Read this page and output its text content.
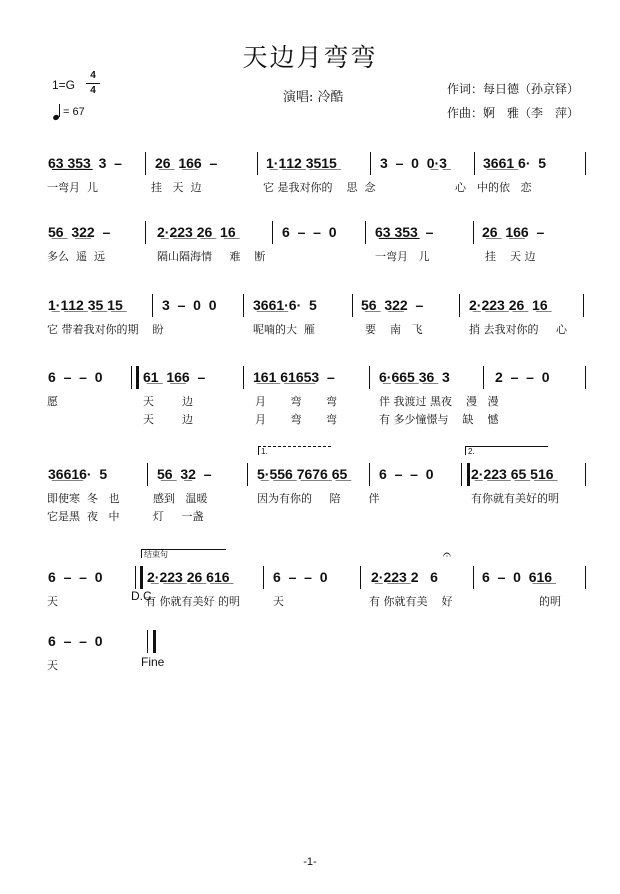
天边月弯弯
1=G
4
4
= 67
演唱: 冷酷
作词：每日德（孙京铎）
作曲：婀　雅（李　萍）
6͟3͟ 3͟5͟3  3  – 2̲6̲  1̲6̲6  –	1̲·1̲1̲2̲ 3̲5̲1̲5̲	3  –  0  0̲·3̲	3̲6̲6̲1̲ 6·  5
一弯月  儿	挂   天  边	它 是我对你的    思  念	心 中的依   恋
5̲6̲  3̲2̲2  –	2̲·2̲2̲3̲ 2̲6̲  1̲6̲	6  –  –  0	6͟3͟ 3͟5͟3  –	2̲6̲  1̲6̲6  –
多么  遥  远	隔山隔海情     难    断	一弯月   儿	挂    天 边
1̲·1̲1̲2̲ 3̲5̲ 1̲5̲	3  –  0  0	3̲6̲6̲1̲·6·  5	5̲6̲  3̲2̲2  –	2̲·2̲2̲3̲ 2̲6̲  1̲6̲
它 带着我对你的期    盼	呢喃的大  雁	要    南   飞	捎 去我对你的     心
6  –  –  0	6̲1̲  1̲6̲6  –	1̲6̲1̲ 6̲1̲6̲5̲3  –	6̲·6̲6̲5̲ 3̲6̲  3	2  –  –  0
愿	天        边	月       弯       弯	伴 我渡过 黑夜    漫   漫
天        边	月       弯       弯	有 多少憧憬与    缺    憾
1.	2.
3̲6̲6̲1̲6·  5	5̲6̲  3̲2  –	5̲·5̲5̲6̲ 7̲6̲7̲6̲ 6̲5̲ 6  –  –  0	2̲·2̲2̲3̲ 6̲5̲ 5̲1̲6̲
即使寒  冬   也	感到   温暖	因为有你的     陪        伴	有你就有美好的明
它是黑  夜   中	灯     一盏
结束句	𝄐
6  –  –  0	2̲·2̲2̲3̲ 2̲6̲ 6̲1̲6̲	6  –  –  0	2̲·2̲2̲3̲ 2   6	6  –  0  6̲1̲6̲
天	D.C.
有 你就有美好 的明	天	有 你就有美    好	的明
6  –  –  0
天	Fine
-1-
